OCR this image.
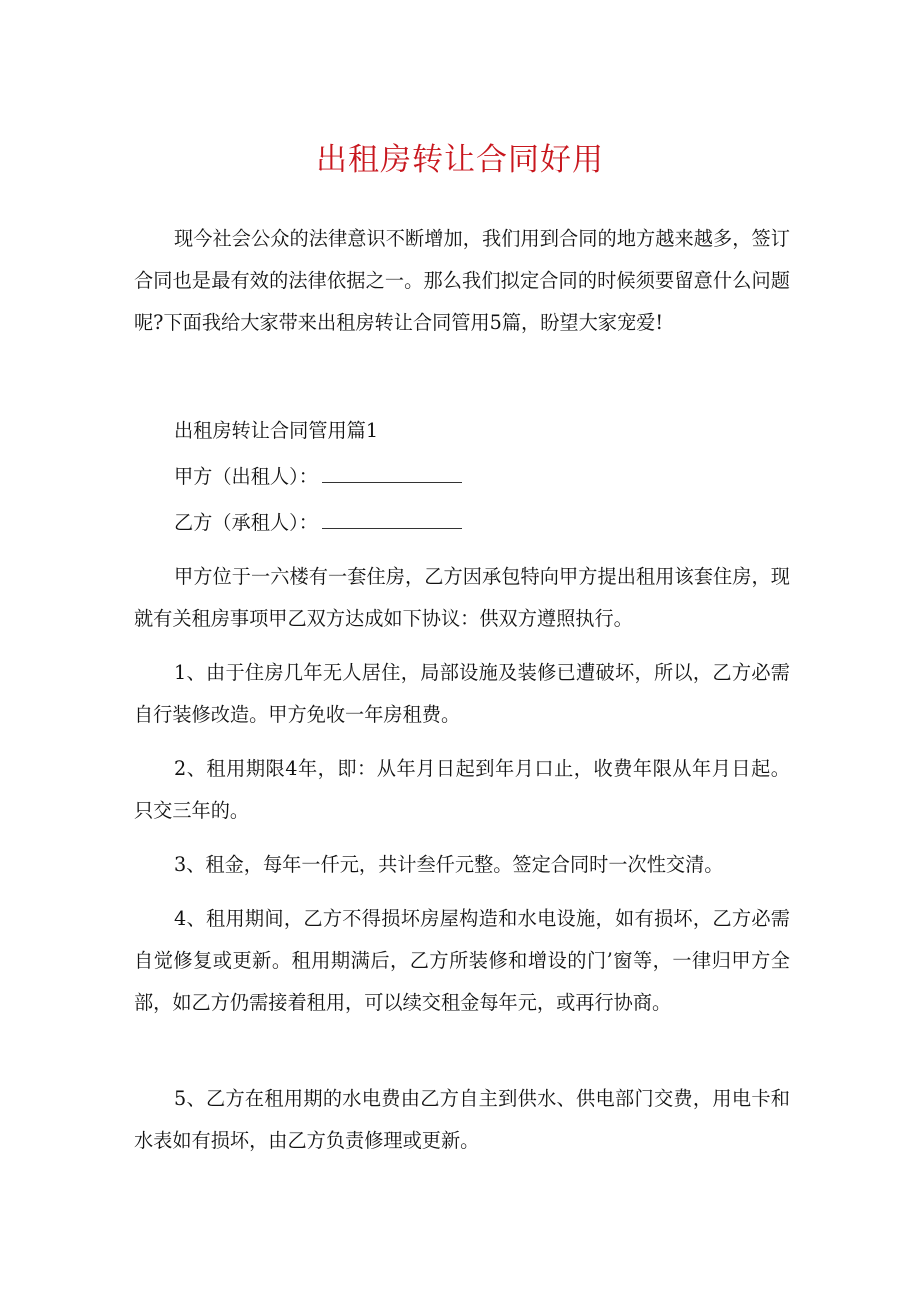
出租房转让合同好用

现今社会公众的法律意识不断增加，我们用到合同的地方越来越多，签订合同也是最有效的法律依据之一。那么我们拟定合同的时候须要留意什么问题呢?下面我给大家带来出租房转让合同管用5篇，盼望大家宠爱!

出租房转让合同管用篇1

甲方（出租人）：

乙方（承租人）：

甲方位于一六楼有一套住房，乙方因承包特向甲方提出租用该套住房，现就有关租房事项甲乙双方达成如下协议：供双方遵照执行。

1、由于住房几年无人居住，局部设施及装修已遭破坏，所以，乙方必需自行装修改造。甲方免收一年房租费。

2、租用期限4年，即：从年月日起到年月口止，收费年限从年月日起。只交三年的。

3、租金，每年一仟元，共计叁仟元整。签定合同时一次性交清。

4、租用期间，乙方不得损坏房屋构造和水电设施，如有损坏，乙方必需自觉修复或更新。租用期满后，乙方所装修和增设的门’窗等，一律归甲方全部，如乙方仍需接着租用，可以续交租金每年元，或再行协商。

5、乙方在租用期的水电费由乙方自主到供水、供电部门交费，用电卡和水表如有损坏，由乙方负责修理或更新。
